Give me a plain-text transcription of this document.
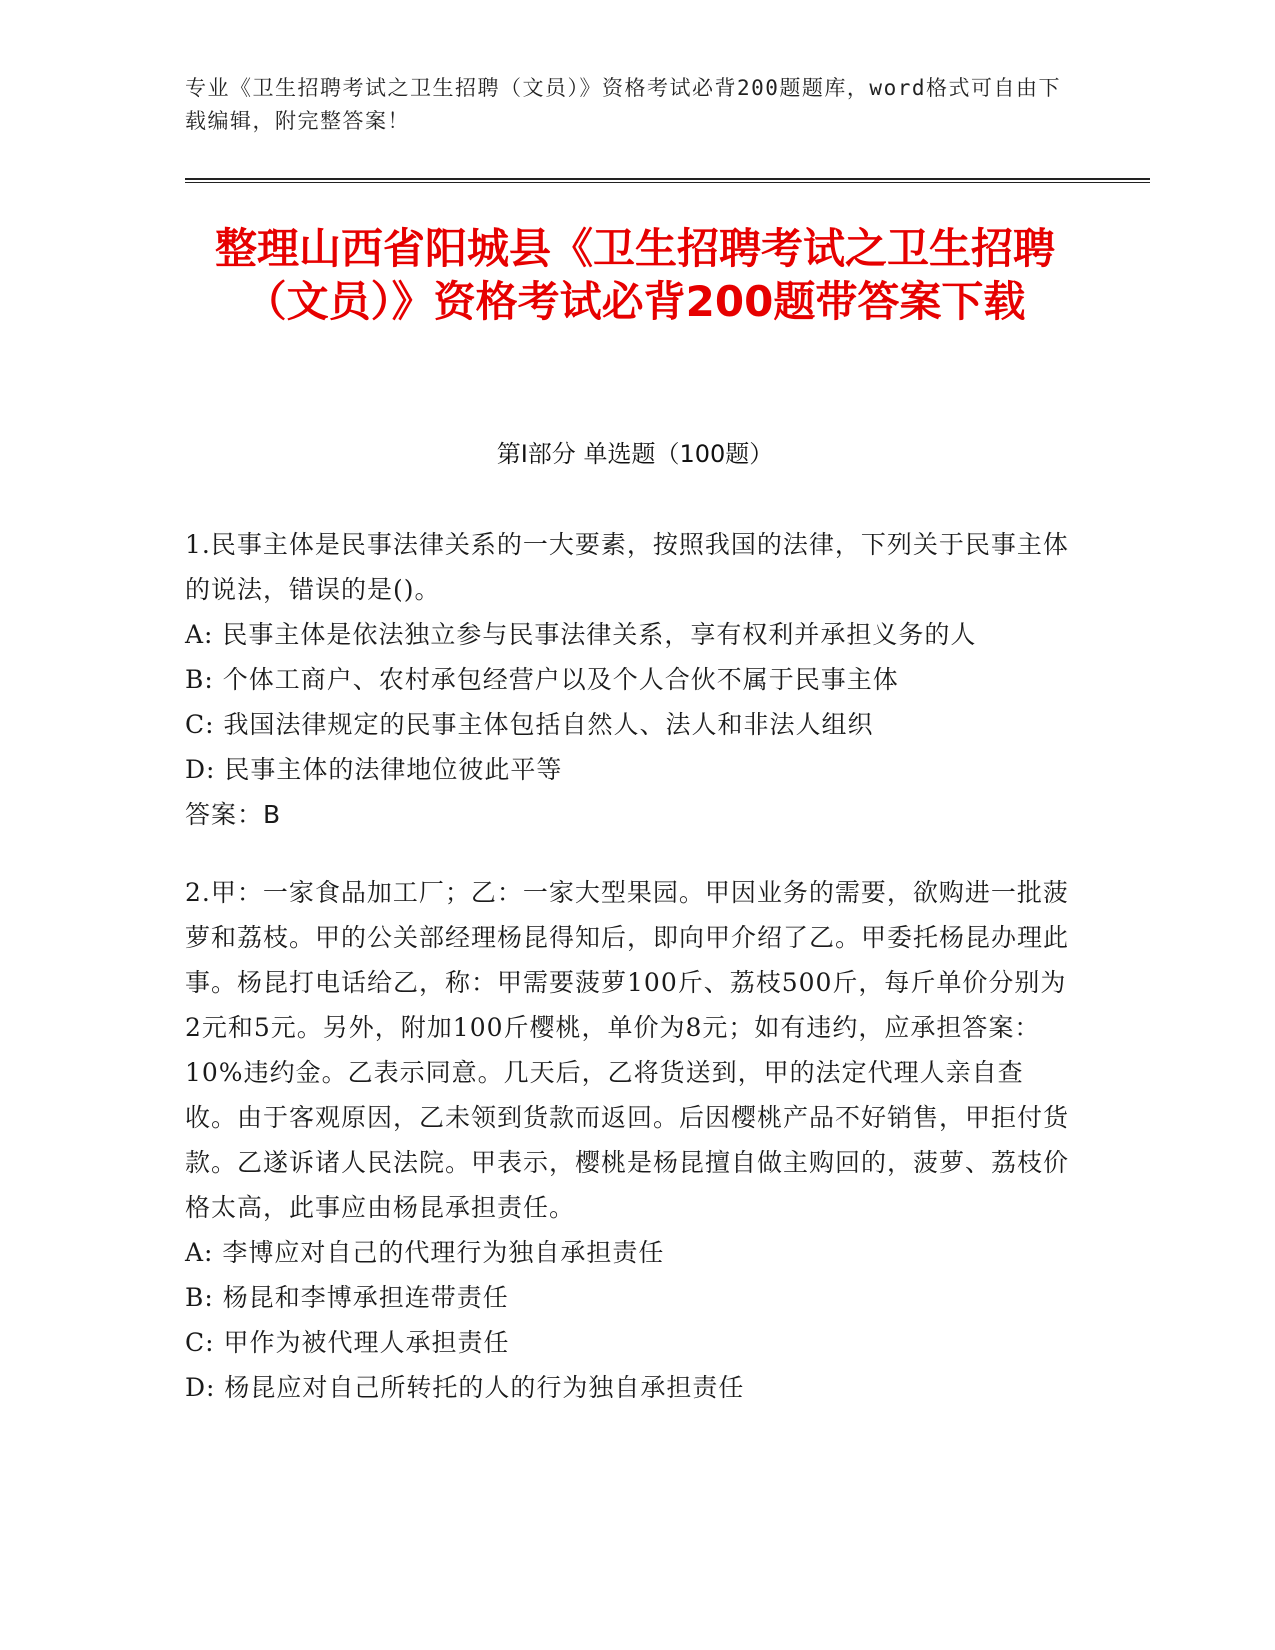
专业《卫生招聘考试之卫生招聘（文员）》资格考试必背200题题库，word格式可自由下载编辑，附完整答案！
整理山西省阳城县《卫生招聘考试之卫生招聘（文员）》资格考试必背200题带答案下载
第Ⅰ部分 单选题（100题）

1.民事主体是民事法律关系的一大要素，按照我国的法律，下列关于民事主体的说法，错误的是()。

A: 民事主体是依法独立参与民事法律关系，享有权利并承担义务的人
B: 个体工商户、农村承包经营户以及个人合伙不属于民事主体
C: 我国法律规定的民事主体包括自然人、法人和非法人组织
D: 民事主体的法律地位彼此平等

答案：B

2.甲：一家食品加工厂；乙：一家大型果园。甲因业务的需要，欲购进一批菠萝和荔枝。甲的公关部经理杨昆得知后，即向甲介绍了乙。甲委托杨昆办理此事。杨昆打电话给乙，称：甲需要菠萝100斤、荔枝500斤，每斤单价分别为2元和5元。另外，附加100斤樱桃，单价为8元；如有违约，应承担答案：10%违约金。乙表示同意。几天后，乙将货送到，甲的法定代理人亲自查收。由于客观原因，乙未领到货款而返回。后因樱桃产品不好销售，甲拒付货款。乙遂诉诸人民法院。甲表示，樱桃是杨昆擅自做主购回的，菠萝、荔枝价格太高，此事应由杨昆承担责任。

A: 李博应对自己的代理行为独自承担责任
B: 杨昆和李博承担连带责任
C: 甲作为被代理人承担责任
D: 杨昆应对自己所转托的人的行为独自承担责任
